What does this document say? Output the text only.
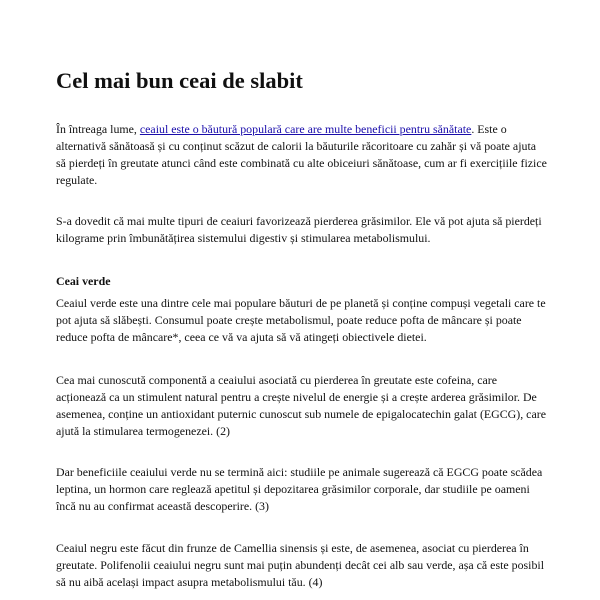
Cel mai bun ceai de slabit

În întreaga lume, ceaiul este o băutură populară care are multe beneficii pentru sănătate. Este o alternativă sănătoasă și cu conținut scăzut de calorii la băuturile răcoritoare cu zahăr și vă poate ajuta să pierdeți în greutate atunci când este combinată cu alte obiceiuri sănătoase, cum ar fi exercițiile fizice regulate.

S-a dovedit că mai multe tipuri de ceaiuri favorizează pierderea grăsimilor. Ele vă pot ajuta să pierdeți kilograme prin îmbunătățirea sistemului digestiv și stimularea metabolismului.

Ceai verde

Ceaiul verde este una dintre cele mai populare băuturi de pe planetă și conține compuși vegetali care te pot ajuta să slăbești. Consumul poate crește metabolismul, poate reduce pofta de mâncare și poate reduce pofta de mâncare*, ceea ce vă va ajuta să vă atingeți obiectivele dietei.

Cea mai cunoscută componentă a ceaiului asociată cu pierderea în greutate este cofeina, care acționează ca un stimulent natural pentru a crește nivelul de energie și a crește arderea grăsimilor. De asemenea, conține un antioxidant puternic cunoscut sub numele de epigalocatechin galat (EGCG), care ajută la stimularea termogenezei. (2)

Dar beneficiile ceaiului verde nu se termină aici: studiile pe animale sugerează că EGCG poate scădea leptina, un hormon care reglează apetitul și depozitarea grăsimilor corporale, dar studiile pe oameni încă nu au confirmat această descoperire. (3)

Ceaiul negru este făcut din frunze de Camellia sinensis și este, de asemenea, asociat cu pierderea în greutate. Polifenolii ceaiului negru sunt mai puțin abundenți decât cei alb sau verde, așa că este posibil să nu aibă același impact asupra metabolismului tău. (4)
